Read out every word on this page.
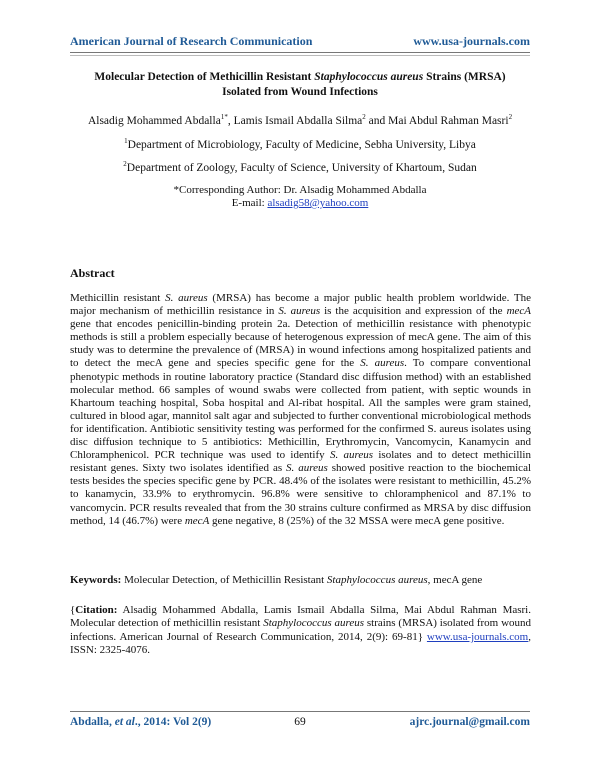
American Journal of Research Communication	www.usa-journals.com
Molecular Detection of Methicillin Resistant Staphylococcus aureus Strains (MRSA)
Isolated from Wound Infections
Alsadig Mohammed Abdalla$^{1*}$, Lamis Ismail Abdalla Silma$^2$ and Mai Abdul Rahman Masri$^2$
$^1$Department of Microbiology, Faculty of Medicine, Sebha University, Libya
$^2$Department of Zoology, Faculty of Science, University of Khartoum, Sudan
*Corresponding Author: Dr. Alsadig Mohammed Abdalla
E-mail: alsadig58@yahoo.com
Abstract
Methicillin resistant S. aureus (MRSA) has become a major public health problem worldwide. The major mechanism of methicillin resistance in S. aureus is the acquisition and expression of the mecA gene that encodes penicillin-binding protein 2a. Detection of methicillin resistance with phenotypic methods is still a problem especially because of heterogenous expression of mecA gene. The aim of this study was to determine the prevalence of (MRSA) in wound infections among hospitalized patients and to detect the mecA gene and species specific gene for the S. aureus. To compare conventional phenotypic methods in routine laboratory practice (Standard disc diffusion method) with an established molecular method. 66 samples of wound swabs were collected from patient, with septic wounds in Khartoum teaching hospital, Soba hospital and Al-ribat hospital. All the samples were gram stained, cultured in blood agar, mannitol salt agar and subjected to further conventional microbiological methods for identification. Antibiotic sensitivity testing was performed for the confirmed S. aureus isolates using disc diffusion technique to 5 antibiotics: Methicillin, Erythromycin, Vancomycin, Kanamycin and Chloramphenicol. PCR technique was used to identify S. aureus isolates and to detect methicillin resistant genes. Sixty two isolates identified as S. aureus showed positive reaction to the biochemical tests besides the species specific gene by PCR. 48.4% of the isolates were resistant to methicillin, 45.2% to kanamycin, 33.9% to erythromycin. 96.8% were sensitive to chloramphenicol and 87.1% to vancomycin. PCR results revealed that from the 30 strains culture confirmed as MRSA by disc diffusion method, 14 (46.7%) were mecA gene negative, 8 (25%) of the 32 MSSA were mecA gene positive.
Keywords: Molecular Detection, of Methicillin Resistant Staphylococcus aureus, mecA gene
{Citation: Alsadig Mohammed Abdalla, Lamis Ismail Abdalla Silma, Mai Abdul Rahman Masri. Molecular detection of methicillin resistant Staphylococcus aureus strains (MRSA) isolated from wound infections. American Journal of Research Communication, 2014, 2(9): 69-81} www.usa-journals.com, ISSN: 2325-4076.
Abdalla, et al., 2014: Vol 2(9)	69	ajrc.journal@gmail.com
